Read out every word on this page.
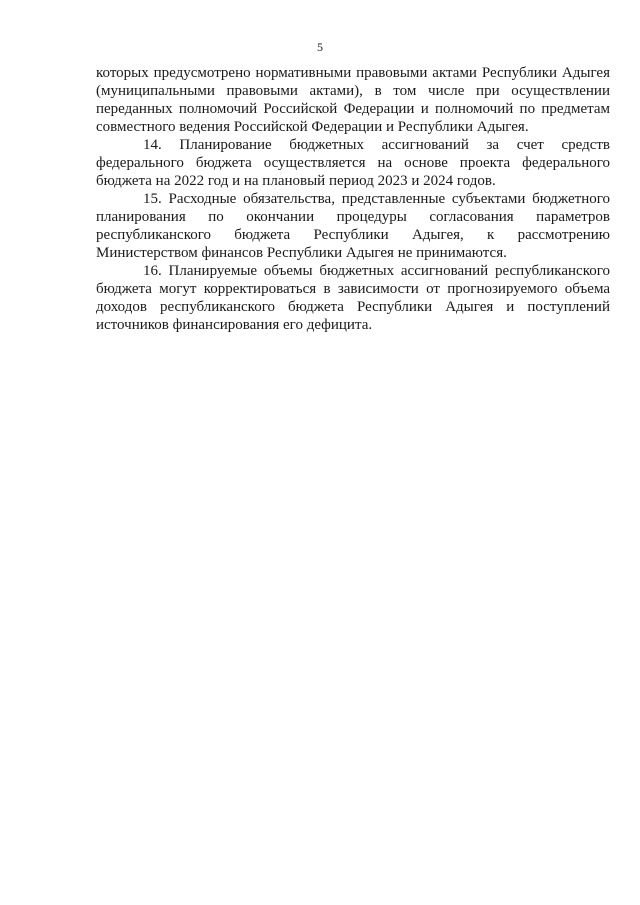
5
которых предусмотрено нормативными правовыми актами Республики Адыгея
(муниципальными правовыми актами), в том числе при осуществлении
переданных полномочий Российской Федерации и полномочий по предметам
совместного ведения Российской Федерации и Республики Адыгея.
14. Планирование бюджетных ассигнований за счет средств
федерального бюджета осуществляется на основе проекта федерального
бюджета на 2022 год и на плановый период 2023 и 2024 годов.
15. Расходные обязательства, представленные субъектами бюджетного
планирования по окончании процедуры согласования параметров
республиканского бюджета Республики Адыгея, к рассмотрению
Министерством финансов Республики Адыгея не принимаются.
16. Планируемые объемы бюджетных ассигнований республиканского
бюджета могут корректироваться в зависимости от прогнозируемого объема
доходов республиканского бюджета Республики Адыгея и поступлений
источников финансирования его дефицита.
